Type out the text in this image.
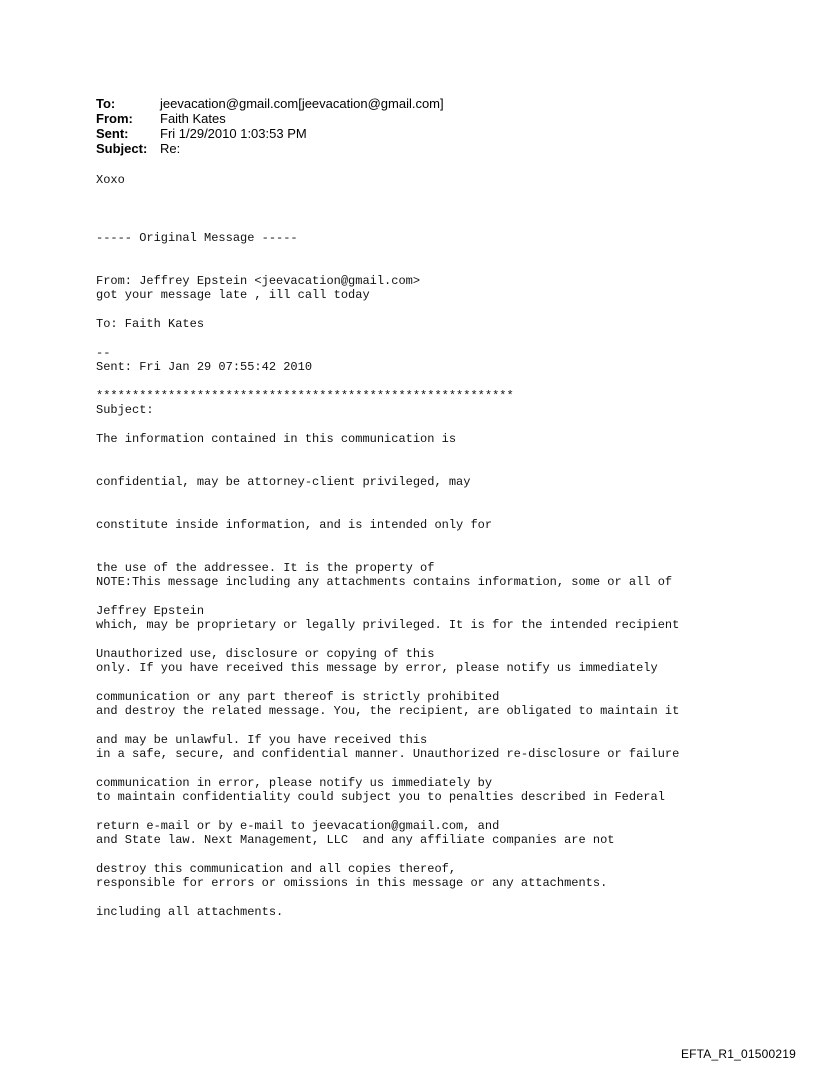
To:	jeevacation@gmail.com[jeevacation@gmail.com]
From:	Faith Kates
Sent:	Fri 1/29/2010 1:03:53 PM
Subject: Re:
Xoxo

----- Original Message -----

From: Jeffrey Epstein <jeevacation@gmail.com>

To: Faith Kates

Sent: Fri Jan 29 07:55:42 2010

Subject:

got your message late , ill call today

--

**********************************************************

The information contained in this communication is

confidential, may be attorney-client privileged, may

constitute inside information, and is intended only for

the use of the addressee. It is the property of

Jeffrey Epstein

Unauthorized use, disclosure or copying of this

communication or any part thereof is strictly prohibited

and may be unlawful. If you have received this

communication in error, please notify us immediately by

return e-mail or by e-mail to jeevacation@gmail.com, and

destroy this communication and all copies thereof,

including all attachments.

NOTE:This message including any attachments contains information, some or all of

which, may be proprietary or legally privileged. It is for the intended recipient

only. If you have received this message by error, please notify us immediately

and destroy the related message. You, the recipient, are obligated to maintain it

in a safe, secure, and confidential manner. Unauthorized re-disclosure or failure

to maintain confidentiality could subject you to penalties described in Federal

and State law. Next Management, LLC  and any affiliate companies are not

responsible for errors or omissions in this message or any attachments.

EFTA_R1_01500219
